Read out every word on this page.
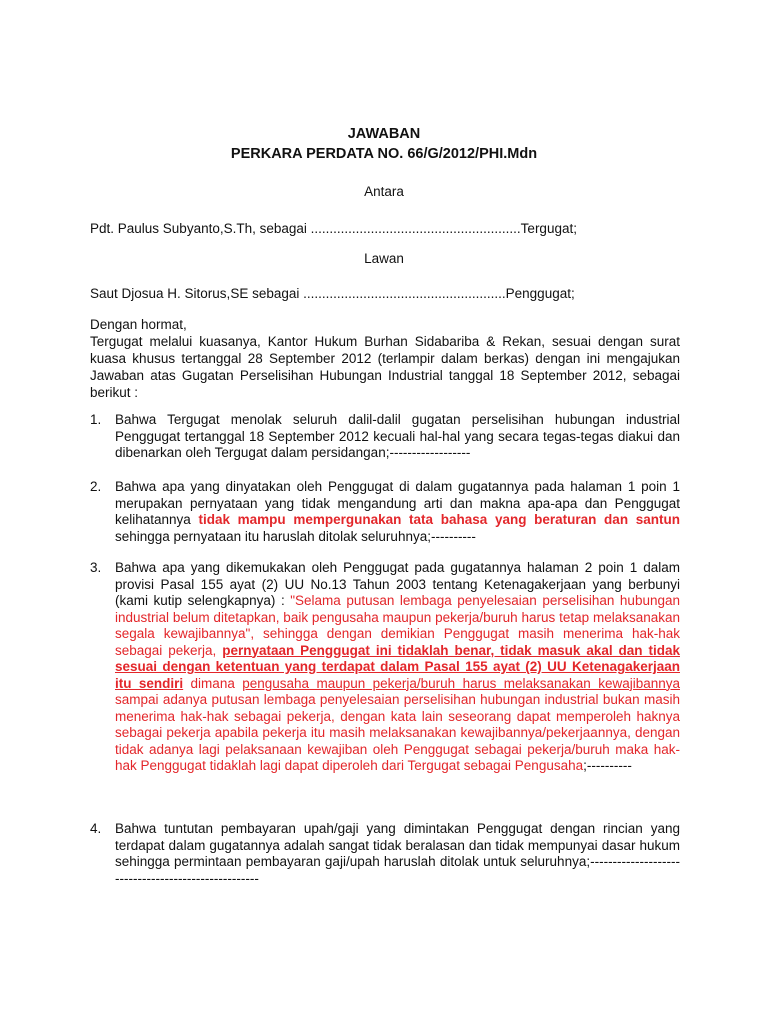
JAWABAN
PERKARA PERDATA NO. 66/G/2012/PHI.Mdn
Antara
Pdt. Paulus Subyanto,S.Th, sebagai ........................................................Tergugat;
Lawan
Saut Djosua H. Sitorus,SE sebagai ......................................................Penggugat;
Dengan hormat,
Tergugat melalui kuasanya, Kantor Hukum Burhan Sidabariba & Rekan, sesuai dengan surat kuasa khusus tertanggal 28 September 2012 (terlampir dalam berkas) dengan ini mengajukan Jawaban atas Gugatan Perselisihan Hubungan Industrial tanggal 18 September 2012, sebagai berikut :
1. Bahwa Tergugat menolak seluruh dalil-dalil gugatan perselisihan hubungan industrial Penggugat tertanggal 18 September 2012 kecuali hal-hal yang secara tegas-tegas diakui dan dibenarkan oleh Tergugat dalam persidangan;------------------
2. Bahwa apa yang dinyatakan oleh Penggugat di dalam gugatannya pada halaman 1 poin 1 merupakan pernyataan yang tidak mengandung arti dan makna apa-apa dan Penggugat kelihatannya tidak mampu mempergunakan tata bahasa yang beraturan dan santun sehingga pernyataan itu haruslah ditolak seluruhnya;----------
3. Bahwa apa yang dikemukakan oleh Penggugat pada gugatannya halaman 2 poin 1 dalam provisi Pasal 155 ayat (2) UU No.13 Tahun 2003 tentang Ketenagakerjaan yang berbunyi (kami kutip selengkapnya) : "Selama putusan lembaga penyelesaian perselisihan hubungan industrial belum ditetapkan, baik pengusaha maupun pekerja/buruh harus tetap melaksanakan segala kewajibannya", sehingga dengan demikian Penggugat masih menerima hak-hak sebagai pekerja, pernyataan Penggugat ini tidaklah benar, tidak masuk akal dan tidak sesuai dengan ketentuan yang terdapat dalam Pasal 155 ayat (2) UU Ketenagakerjaan itu sendiri dimana pengusaha maupun pekerja/buruh harus melaksanakan kewajibannya sampai adanya putusan lembaga penyelesaian perselisihan hubungan industrial bukan masih menerima hak-hak sebagai pekerja, dengan kata lain seseorang dapat memperoleh haknya sebagai pekerja apabila pekerja itu masih melaksanakan kewajibannya/pekerjaannya, dengan tidak adanya lagi pelaksanaan kewajiban oleh Penggugat sebagai pekerja/buruh maka hak-hak Penggugat tidaklah lagi dapat diperoleh dari Tergugat sebagai Pengusaha;----------
4. Bahwa tuntutan pembayaran upah/gaji yang dimintakan Penggugat dengan rincian yang terdapat dalam gugatannya adalah sangat tidak beralasan dan tidak mempunyai dasar hukum sehingga permintaan pembayaran gaji/upah haruslah ditolak untuk seluruhnya;----------------------------------------------------
